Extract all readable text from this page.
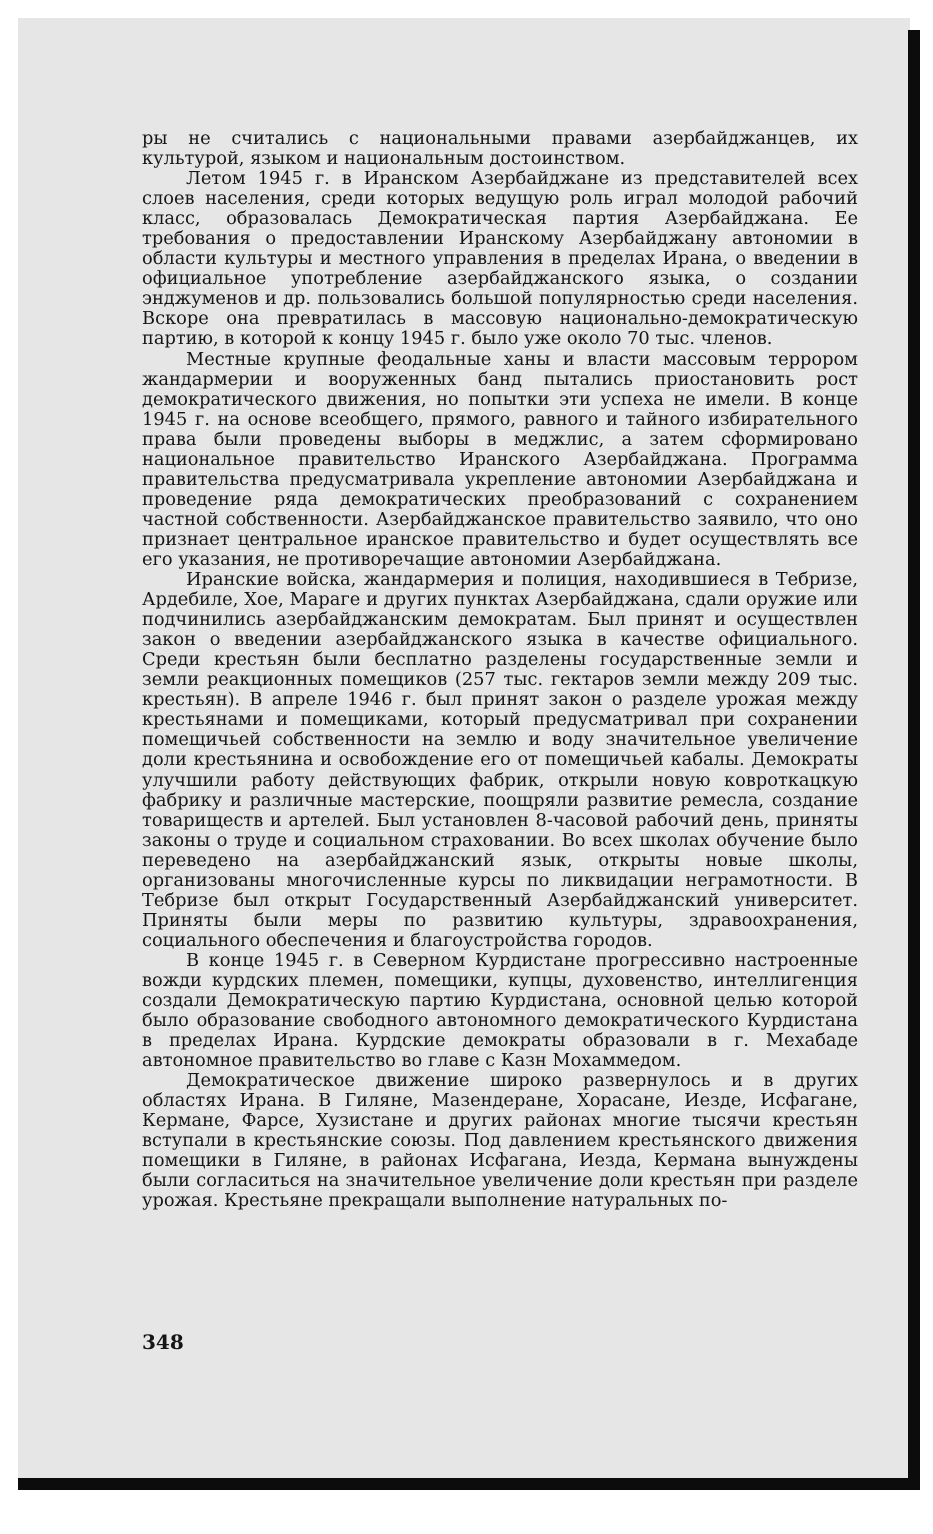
ры не считались с национальными правами азербайджанцев, их культурой, языком и национальным достоинством.

Летом 1945 г. в Иранском Азербайджане из представителей всех слоев населения, среди которых ведущую роль играл молодой рабочий класс, образовалась Демократическая партия Азербайджана. Ее требования о предоставлении Иранскому Азербайджану автономии в области культуры и местного управления в пределах Ирана, о введении в официальное употребление азербайджанского языка, о создании энджуменов и др. пользовались большой популярностью среди населения. Вскоре она превратилась в массовую национально-демократическую партию, в которой к концу 1945 г. было уже около 70 тыс. членов.

Местные крупные феодальные ханы и власти массовым террором жандармерии и вооруженных банд пытались приостановить рост демократического движения, но попытки эти успеха не имели. В конце 1945 г. на основе всеобщего, прямого, равного и тайного избирательного права были проведены выборы в меджлис, а затем сформировано национальное правительство Иранского Азербайджана. Программа правительства предусматривала укрепление автономии Азербайджана и проведение ряда демократических преобразований с сохранением частной собственности. Азербайджанское правительство заявило, что оно признает центральное иранское правительство и будет осуществлять все его указания, не противоречащие автономии Азербайджана.

Иранские войска, жандармерия и полиция, находившиеся в Тебризе, Ардебиле, Хое, Мараге и других пунктах Азербайджана, сдали оружие или подчинились азербайджанским демократам. Был принят и осуществлен закон о введении азербайджанского языка в качестве официального. Среди крестьян были бесплатно разделены государственные земли и земли реакционных помещиков (257 тыс. гектаров земли между 209 тыс. крестьян). В апреле 1946 г. был принят закон о разделе урожая между крестьянами и помещиками, который предусматривал при сохранении помещичьей собственности на землю и воду значительное увеличение доли крестьянина и освобождение его от помещичьей кабалы. Демократы улучшили работу действующих фабрик, открыли новую ковроткацкую фабрику и различные мастерские, поощряли развитие ремесла, создание товариществ и артелей. Был установлен 8-часовой рабочий день, приняты законы о труде и социальном страховании. Во всех школах обучение было переведено на азербайджанский язык, открыты новые школы, организованы многочисленные курсы по ликвидации неграмотности. В Тебризе был открыт Государственный Азербайджанский университет. Приняты были меры по развитию культуры, здравоохранения, социального обеспечения и благоустройства городов.

В конце 1945 г. в Северном Курдистане прогрессивно настроенные вожди курдских племен, помещики, купцы, духовенство, интеллигенция создали Демократическую партию Курдистана, основной целью которой было образование свободного автономного демократического Курдистана в пределах Ирана. Курдские демократы образовали в г. Мехабаде автономное правительство во главе с Казн Мохаммедом.

Демократическое движение широко развернулось и в других областях Ирана. В Гиляне, Мазендеране, Хорасане, Иезде, Исфагане, Кермане, Фарсе, Хузистане и других районах многие тысячи крестьян вступали в крестьянские союзы. Под давлением крестьянского движения помещики в Гиляне, в районах Исфагана, Иезда, Кермана вынуждены были согласиться на значительное увеличение доли крестьян при разделе урожая. Крестьяне прекращали выполнение натуральных по-

348
